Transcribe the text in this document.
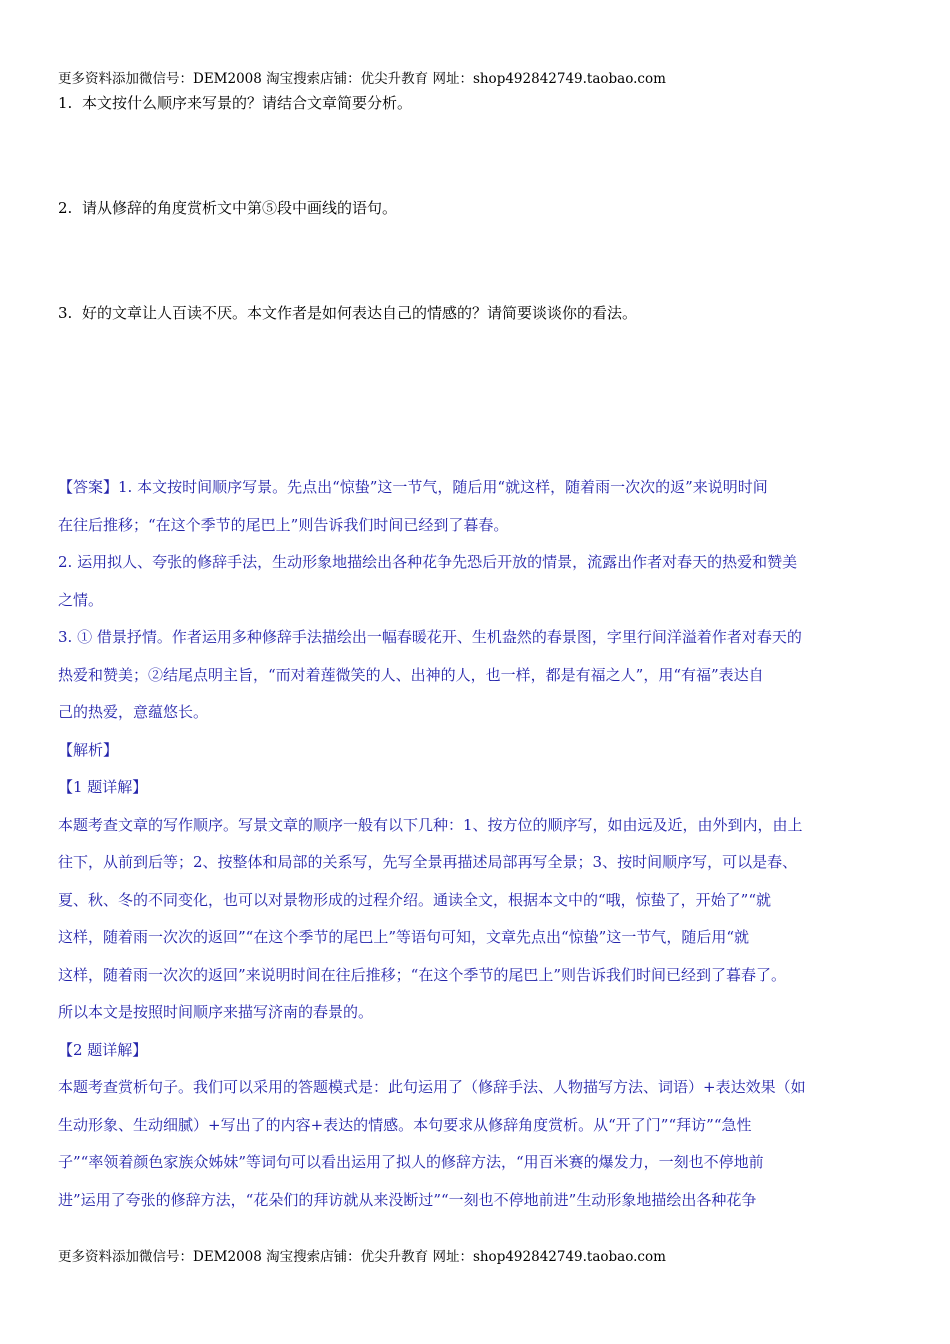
更多资料添加微信号：DEM2008 淘宝搜索店铺：优尖升教育 网址：shop492842749.taobao.com
1. 本文按什么顺序来写景的？请结合文章简要分析。
2. 请从修辞的角度赏析文中第⑤段中画线的语句。
3. 好的文章让人百读不厌。本文作者是如何表达自己的情感的？请简要谈谈你的看法。

【答案】1. 本文按时间顺序写景。先点出“惊蛰”这一节气，随后用“就这样，随着雨一次次的返”来说明时间

在往后推移；“在这个季节的尾巴上”则告诉我们时间已经到了暮春。

2. 运用拟人、夸张的修辞手法，生动形象地描绘出各种花争先恐后开放的情景，流露出作者对春天的热爱和赞美

之情。

3. ① 借景抒情。作者运用多种修辞手法描绘出一幅春暖花开、生机盎然的春景图，字里行间洋溢着作者对春天的

热爱和赞美；②结尾点明主旨，“而对着莲微笑的人、出神的人，也一样，都是有福之人”，用“有福”表达自

己的热爱，意蕴悠长。

【解析】

【1 题详解】

本题考查文章的写作顺序。写景文章的顺序一般有以下几种：1、按方位的顺序写，如由远及近，由外到内，由上

往下，从前到后等；2、按整体和局部的关系写，先写全景再描述局部再写全景；3、按时间顺序写，可以是春、

夏、秋、冬的不同变化，也可以对景物形成的过程介绍。通读全文，根据本文中的“哦，惊蛰了，开始了”“就

这样，随着雨一次次的返回”“在这个季节的尾巴上”等语句可知，文章先点出“惊蛰”这一节气，随后用“就

这样，随着雨一次次的返回”来说明时间在往后推移；“在这个季节的尾巴上”则告诉我们时间已经到了暮春了。

所以本文是按照时间顺序来描写济南的春景的。

【2 题详解】

本题考查赏析句子。我们可以采用的答题模式是：此句运用了（修辞手法、人物描写方法、词语）+表达效果（如

生动形象、生动细腻）+写出了的内容+表达的情感。本句要求从修辞角度赏析。从“开了门”“拜访”“急性

子”“率领着颜色家族众姊妹”等词句可以看出运用了拟人的修辞方法，“用百米赛的爆发力，一刻也不停地前

进”运用了夸张的修辞方法，“花朵们的拜访就从来没断过”“一刻也不停地前进”生动形象地描绘出各种花争

更多资料添加微信号：DEM2008 淘宝搜索店铺：优尖升教育 网址：shop492842749.taobao.com
